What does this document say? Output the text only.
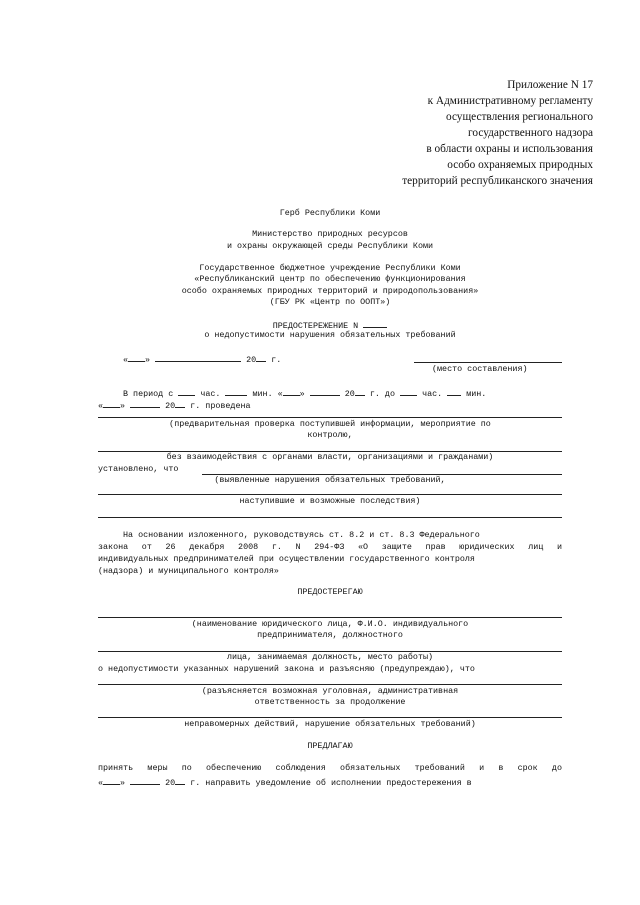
Приложение N 17
к Административному регламенту
осуществления регионального
государственного надзора
в области охраны и использования
особо охраняемых природных
территорий республиканского значения
Герб Республики Коми
Министерство природных ресурсов
и охраны окружающей среды Республики Коми
Государственное бюджетное учреждение Республики Коми
«Республиканский центр по обеспечению функционирования
особо охраняемых природных территорий и природопользования»
(ГБУ РК «Центр по ООПТ»)
ПРЕДОСТЕРЕЖЕНИЕ N
о недопустимости нарушения обязательных требований
« »	20 г.
(место составления)
В период с	час.	мин. « »	20 г. до	час.	мин.
« »	20 г. проведена
(предварительная проверка поступившей информации, мероприятие по
контролю,
без взаимодействия с органами власти, организациями и гражданами)
установлено, что
(выявленные нарушения обязательных требований,
наступившие и возможные последствия)
На основании изложенного, руководствуясь ст. 8.2 и ст. 8.3 Федерального
закона от 26 декабря 2008 г. N 294-ФЗ «О защите прав юридических лиц и
индивидуальных предпринимателей при осуществлении государственного контроля
(надзора) и муниципального контроля»
ПРЕДОСТЕРЕГАЮ
(наименование юридического лица, Ф.И.О. индивидуального
предпринимателя, должностного
лица, занимаемая должность, место работы)
о недопустимости указанных нарушений закона и разъясняю (предупреждаю), что
(разъясняется возможная уголовная, административная
ответственность за продолжение
неправомерных действий, нарушение обязательных требований)
ПРЕДЛАГАЮ
принять меры по обеспечению соблюдения обязательных требований и в срок до
« »	20 г. направить уведомление об исполнении предостережения в
